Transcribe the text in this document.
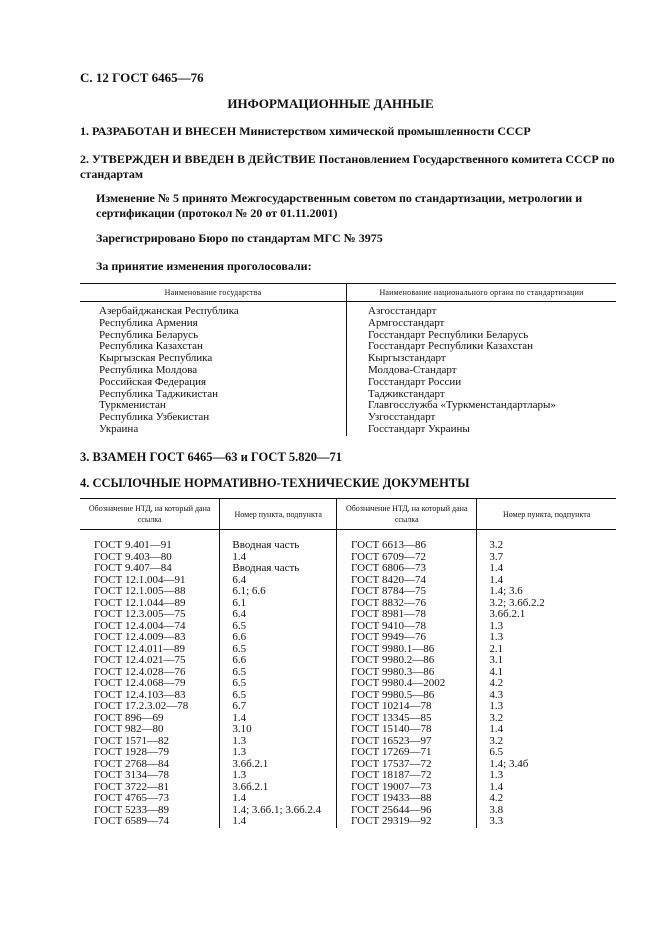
С. 12 ГОСТ 6465—76
ИНФОРМАЦИОННЫЕ ДАННЫЕ
1. РАЗРАБОТАН И ВНЕСЕН Министерством химической промышленности СССР
2. УТВЕРЖДЕН И ВВЕДЕН В ДЕЙСТВИЕ Постановлением Государственного комитета СССР по стандартам
Изменение № 5 принято Межгосударственным советом по стандартизации, метрологии и сертификации (протокол № 20 от 01.11.2001)
Зарегистрировано Бюро по стандартам МГС № 3975
За принятие изменения проголосовали:
Наименование государства	Наименование национального органа по стандартизации
Азербайджанская Республика	Азгосстандарт
Республика Армения	Армгосстандарт
Республика Беларусь	Госстандарт Республики Беларусь
Республика Казахстан	Госстандарт Республики Казахстан
Кыргызская Республика	Кыргызстандарт
Республика Молдова	Молдова-Стандарт
Российская Федерация	Госстандарт России
Республика Таджикистан	Таджикстандарт
Туркменистан	Главгосслужба «Туркменстандартлары»
Республика Узбекистан	Узгосстандарт
Украина	Госстандарт Украины
3. ВЗАМЕН ГОСТ 6465—63 и ГОСТ 5.820—71
4. ССЫЛОЧНЫЕ НОРМАТИВНО-ТЕХНИЧЕСКИЕ ДОКУМЕНТЫ
Обозначение НТД, на который дана ссылка	Номер пункта, подпункта	Обозначение НТД, на который дана ссылка	Номер пункта, подпункта
ГОСТ 9.401—91	Вводная часть	ГОСТ 6613—86	3.2
ГОСТ 9.403—80	1.4	ГОСТ 6709—72	3.7
ГОСТ 9.407—84	Вводная часть	ГОСТ 6806—73	1.4
ГОСТ 12.1.004—91	6.4	ГОСТ 8420—74	1.4
ГОСТ 12.1.005—88	6.1; 6.6	ГОСТ 8784—75	1.4; 3.6
ГОСТ 12.1.044—89	6.1	ГОСТ 8832—76	3.2; 3.6б.2.2
ГОСТ 12.3.005—75	6.4	ГОСТ 8981—78	3.6б.2.1
ГОСТ 12.4.004—74	6.5	ГОСТ 9410—78	1.3
ГОСТ 12.4.009—83	6.6	ГОСТ 9949—76	1.3
ГОСТ 12.4.011—89	6.5	ГОСТ 9980.1—86	2.1
ГОСТ 12.4.021—75	6.6	ГОСТ 9980.2—86	3.1
ГОСТ 12.4.028—76	6.5	ГОСТ 9980.3—86	4.1
ГОСТ 12.4.068—79	6.5	ГОСТ 9980.4—2002	4.2
ГОСТ 12.4.103—83	6.5	ГОСТ 9980.5—86	4.3
ГОСТ 17.2.3.02—78	6.7	ГОСТ 10214—78	1.3
ГОСТ 896—69	1.4	ГОСТ 13345—85	3.2
ГОСТ 982—80	3.10	ГОСТ 15140—78	1.4
ГОСТ 1571—82	1.3	ГОСТ 16523—97	3.2
ГОСТ 1928—79	1.3	ГОСТ 17269—71	6.5
ГОСТ 2768—84	3.6б.2.1	ГОСТ 17537—72	1.4; 3.4б
ГОСТ 3134—78	1.3	ГОСТ 18187—72	1.3
ГОСТ 3722—81	3.6б.2.1	ГОСТ 19007—73	1.4
ГОСТ 4765—73	1.4	ГОСТ 19433—88	4.2
ГОСТ 5233—89	1.4; 3.6б.1; 3.6б.2.4	ГОСТ 25644—96	3.8
ГОСТ 6589—74	1.4	ГОСТ 29319—92	3.3
